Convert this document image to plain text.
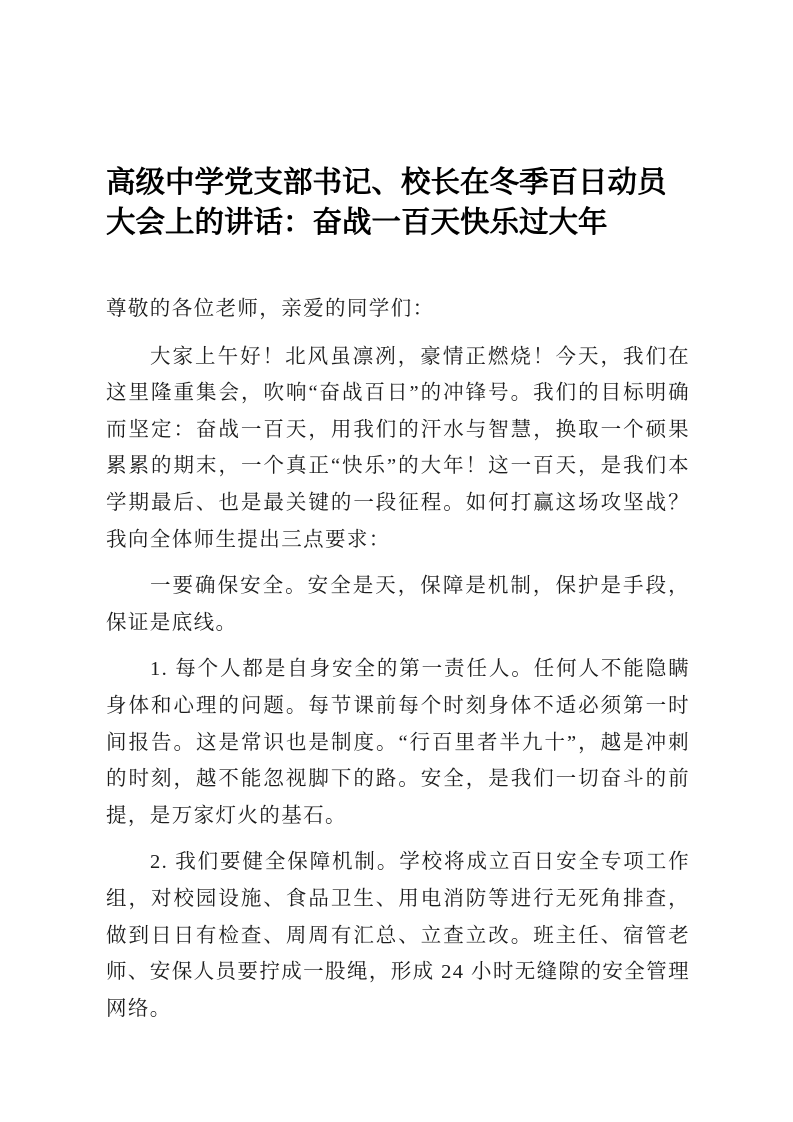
高级中学党支部书记、校长在冬季百日动员大会上的讲话：奋战一百天快乐过大年

尊敬的各位老师，亲爱的同学们：

大家上午好！北风虽凛冽，豪情正燃烧！今天，我们在这里隆重集会，吹响“奋战百日”的冲锋号。我们的目标明确而坚定：奋战一百天，用我们的汗水与智慧，换取一个硕果累累的期末，一个真正“快乐”的大年！这一百天，是我们本学期最后、也是最关键的一段征程。如何打赢这场攻坚战？我向全体师生提出三点要求：

一要确保安全。安全是天，保障是机制，保护是手段，保证是底线。

1. 每个人都是自身安全的第一责任人。任何人不能隐瞒身体和心理的问题。每节课前每个时刻身体不适必须第一时间报告。这是常识也是制度。“行百里者半九十”，越是冲刺的时刻，越不能忽视脚下的路。安全，是我们一切奋斗的前提，是万家灯火的基石。

2. 我们要健全保障机制。学校将成立百日安全专项工作组，对校园设施、食品卫生、用电消防等进行无死角排查，做到日日有检查、周周有汇总、立查立改。班主任、宿管老师、安保人员要拧成一股绳，形成 24 小时无缝隙的安全管理网络。
